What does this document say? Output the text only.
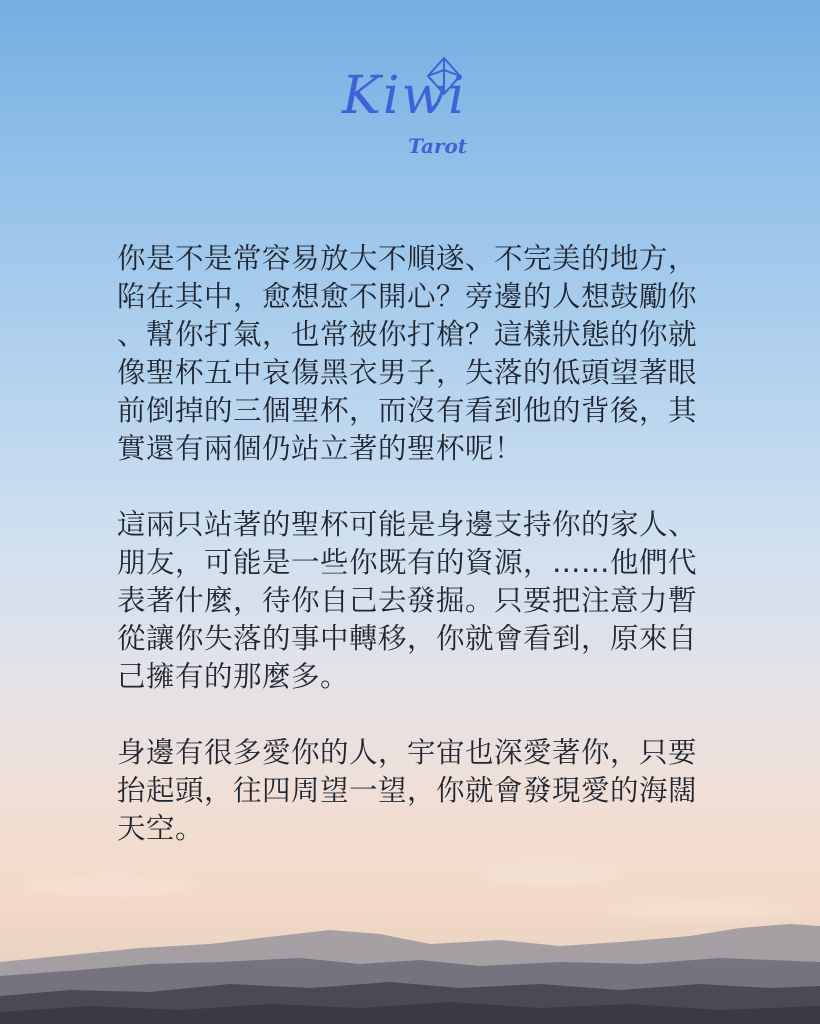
Kiwi
Tarot

你是不是常容易放大不順遂、不完美的地方，
陷在其中，愈想愈不開心？旁邊的人想鼓勵你
、幫你打氣，也常被你打槍？這樣狀態的你就
像聖杯五中哀傷黑衣男子，失落的低頭望著眼
前倒掉的三個聖杯，而沒有看到他的背後，其
實還有兩個仍站立著的聖杯呢！

這兩只站著的聖杯可能是身邊支持你的家人、
朋友，可能是一些你既有的資源，……他們代
表著什麼，待你自己去發掘。只要把注意力暫
從讓你失落的事中轉移，你就會看到，原來自
己擁有的那麼多。

身邊有很多愛你的人，宇宙也深愛著你，只要
抬起頭，往四周望一望，你就會發現愛的海闊
天空。
